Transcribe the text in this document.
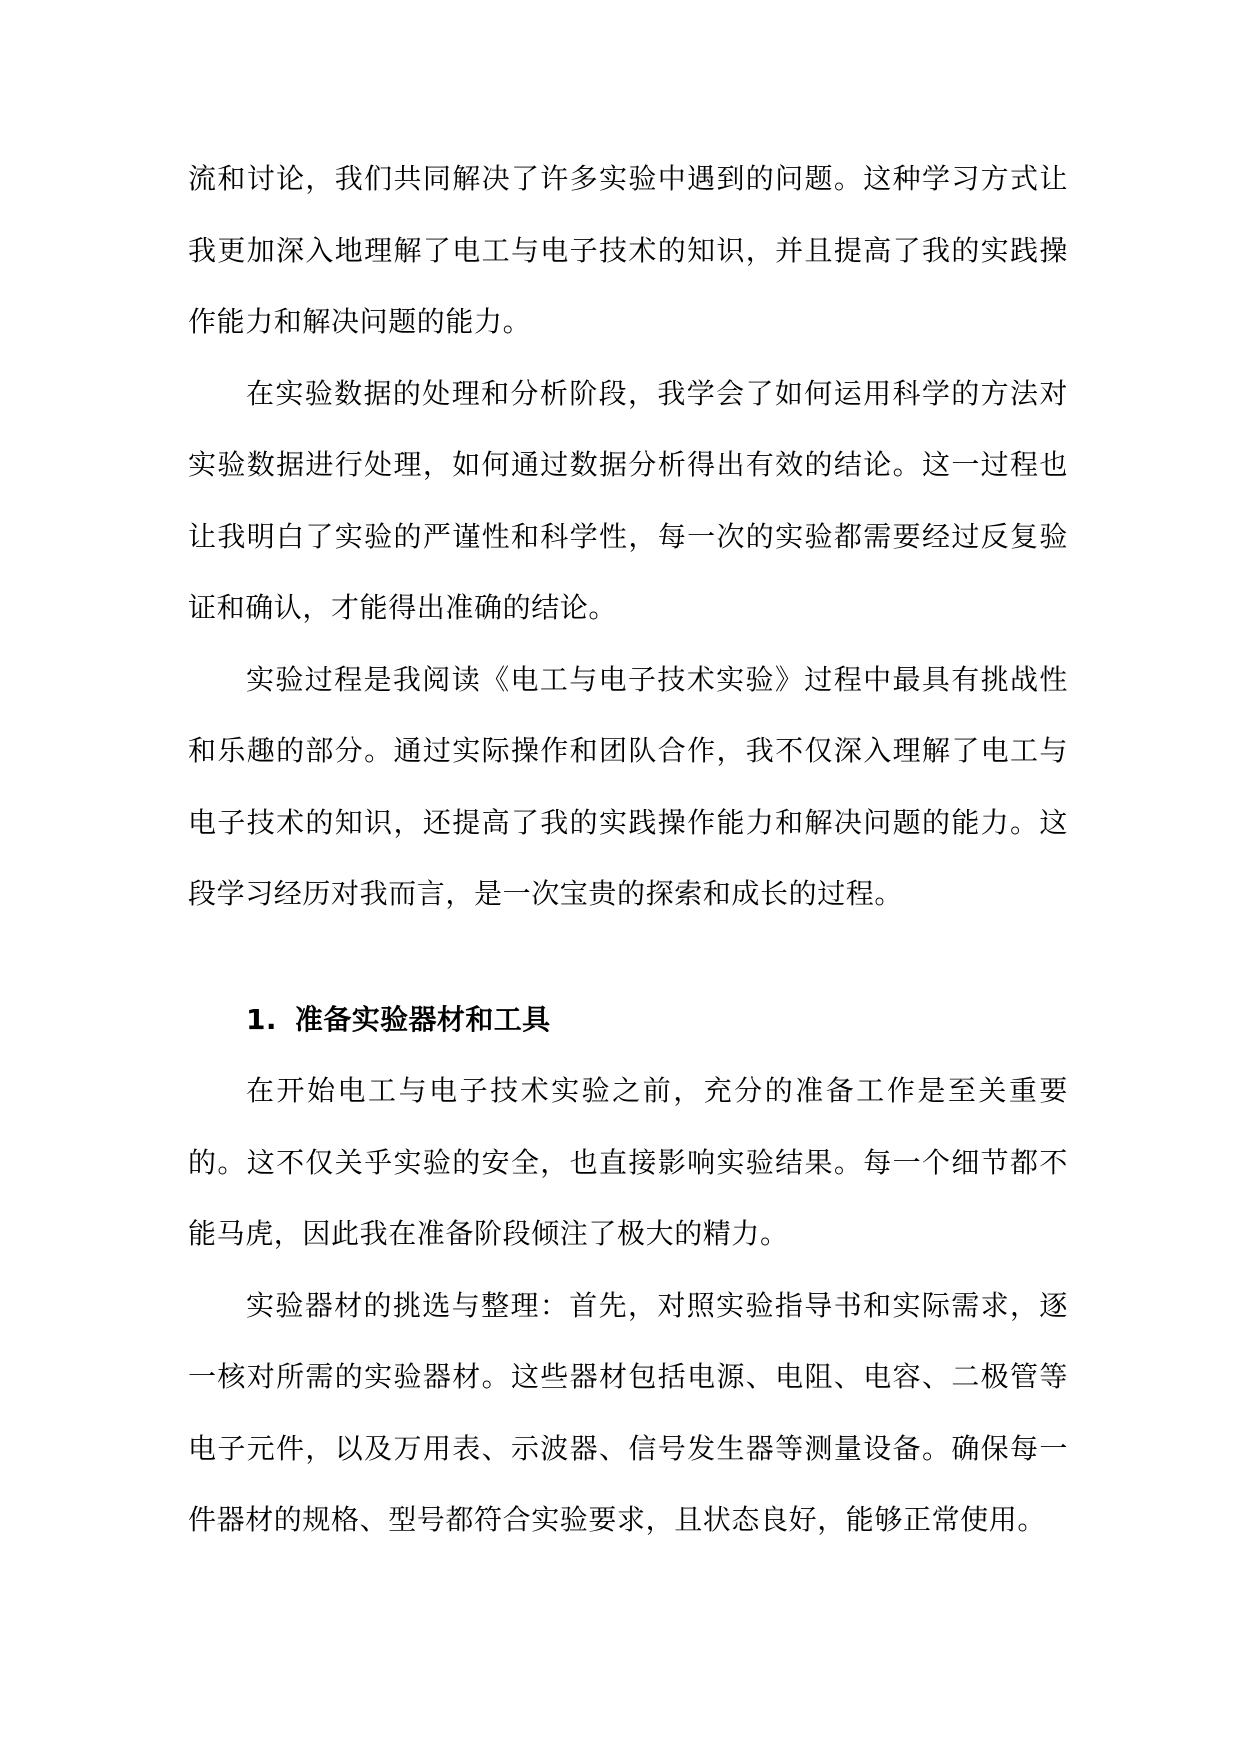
流和讨论，我们共同解决了许多实验中遇到的问题。这种学习方式让我更加深入地理解了电工与电子技术的知识，并且提高了我的实践操作能力和解决问题的能力。

在实验数据的处理和分析阶段，我学会了如何运用科学的方法对实验数据进行处理，如何通过数据分析得出有效的结论。这一过程也让我明白了实验的严谨性和科学性，每一次的实验都需要经过反复验证和确认，才能得出准确的结论。

实验过程是我阅读《电工与电子技术实验》过程中最具有挑战性和乐趣的部分。通过实际操作和团队合作，我不仅深入理解了电工与电子技术的知识，还提高了我的实践操作能力和解决问题的能力。这段学习经历对我而言，是一次宝贵的探索和成长的过程。

1. 准备实验器材和工具

在开始电工与电子技术实验之前，充分的准备工作是至关重要的。这不仅关乎实验的安全，也直接影响实验结果。每一个细节都不能马虎，因此我在准备阶段倾注了极大的精力。

实验器材的挑选与整理：首先，对照实验指导书和实际需求，逐一核对所需的实验器材。这些器材包括电源、电阻、电容、二极管等电子元件，以及万用表、示波器、信号发生器等测量设备。确保每一件器材的规格、型号都符合实验要求，且状态良好，能够正常使用。
